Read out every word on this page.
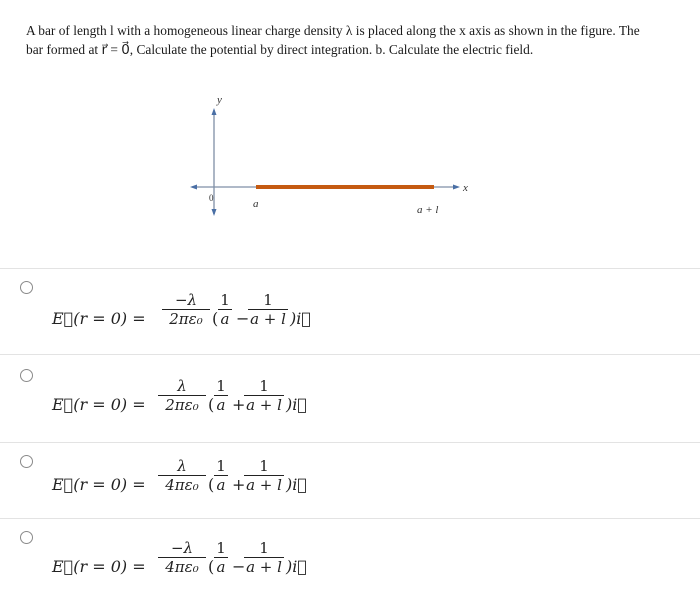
A bar of length l with a homogeneous linear charge density λ is placed along the x axis as shown in the figure. The bar formed at r⃗ = 0⃗, Calculate the potential by direct integration. b. Calculate the electric field.
y
x
0	a	a + l
E⃗(r = 0) =
−λ
2πε₀ (
1
a −
1
a + l )i⃗
E⃗(r = 0) =
λ
2πε₀ (
1
a +
1
a + l )i⃗
E⃗(r = 0) =
λ
4πε₀ (
1
a +
1
a + l )i⃗
E⃗(r = 0) =
−λ
4πε₀ (
1
a −
1
a + l )i⃗
